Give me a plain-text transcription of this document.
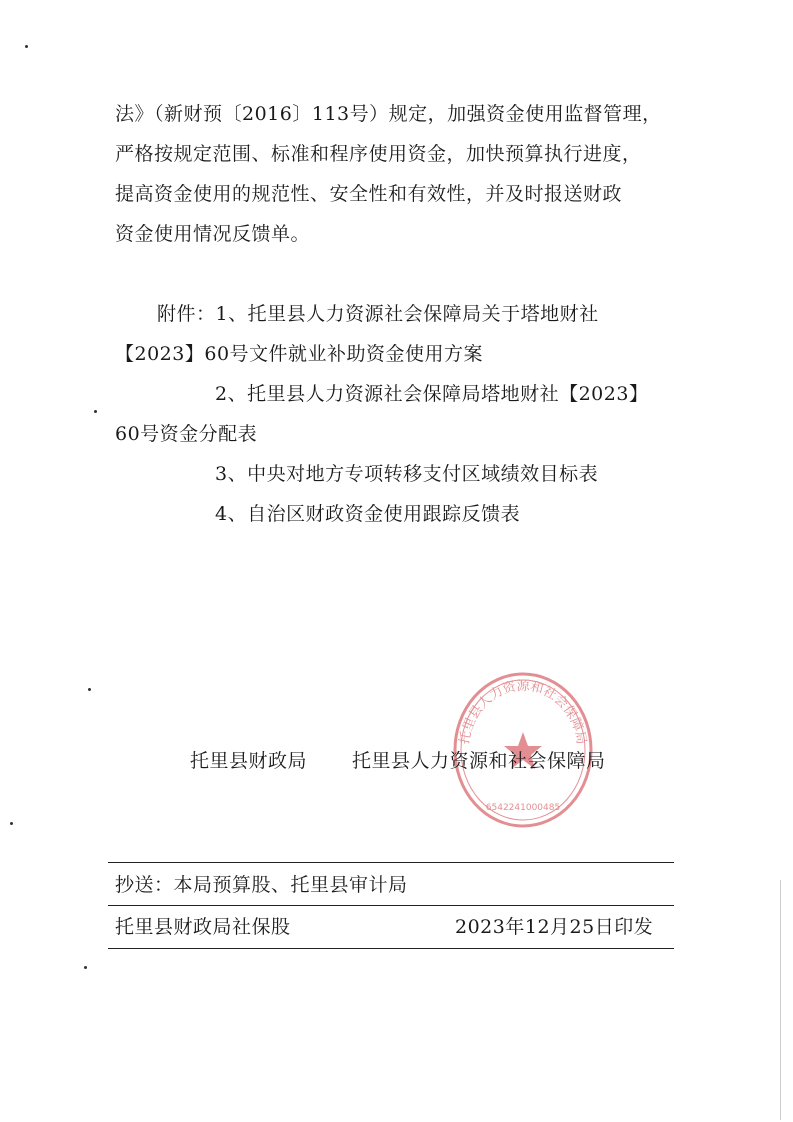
法》（新财预〔2016〕113号）规定，加强资金使用监督管理，
严格按规定范围、标准和程序使用资金，加快预算执行进度，
提高资金使用的规范性、安全性和有效性，并及时报送财政
资金使用情况反馈单。
附件：1、托里县人力资源社会保障局关于塔地财社
【2023】60号文件就业补助资金使用方案
2、托里县人力资源社会保障局塔地财社【2023】
60号资金分配表
3、中央对地方专项转移支付区域绩效目标表
4、自治区财政资金使用跟踪反馈表
托里县人力资源和社会保障局
6542241000485
托里县财政局 托里县人力资源和社会保障局
抄送：本局预算股、托里县审计局
托里县财政局社保股	2023年12月25日印发
